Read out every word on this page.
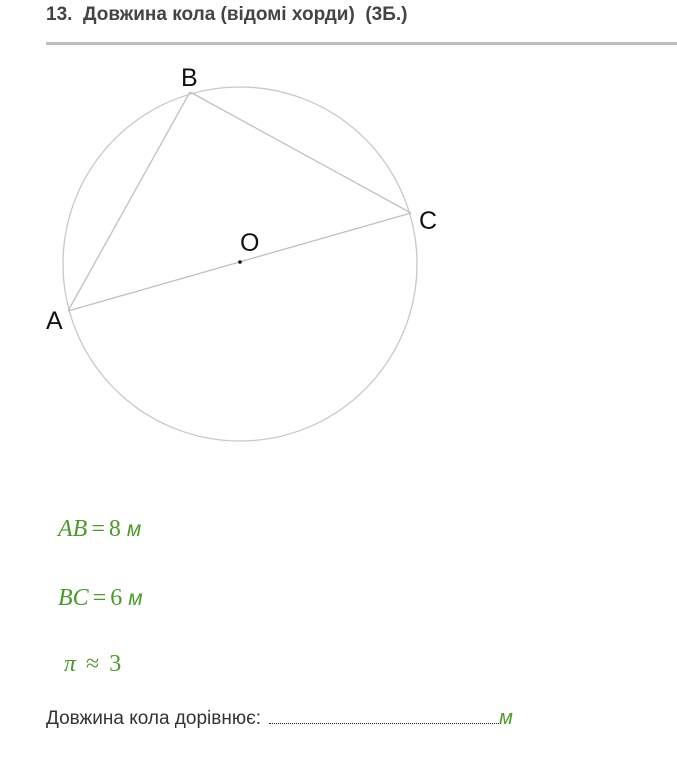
13.  Довжина кола (відомі хорди)  (3Б.)
B
C
O
A

AB = 8 м

BC = 6 м

π ≈ 3

Довжина кола дорівнює:	м
